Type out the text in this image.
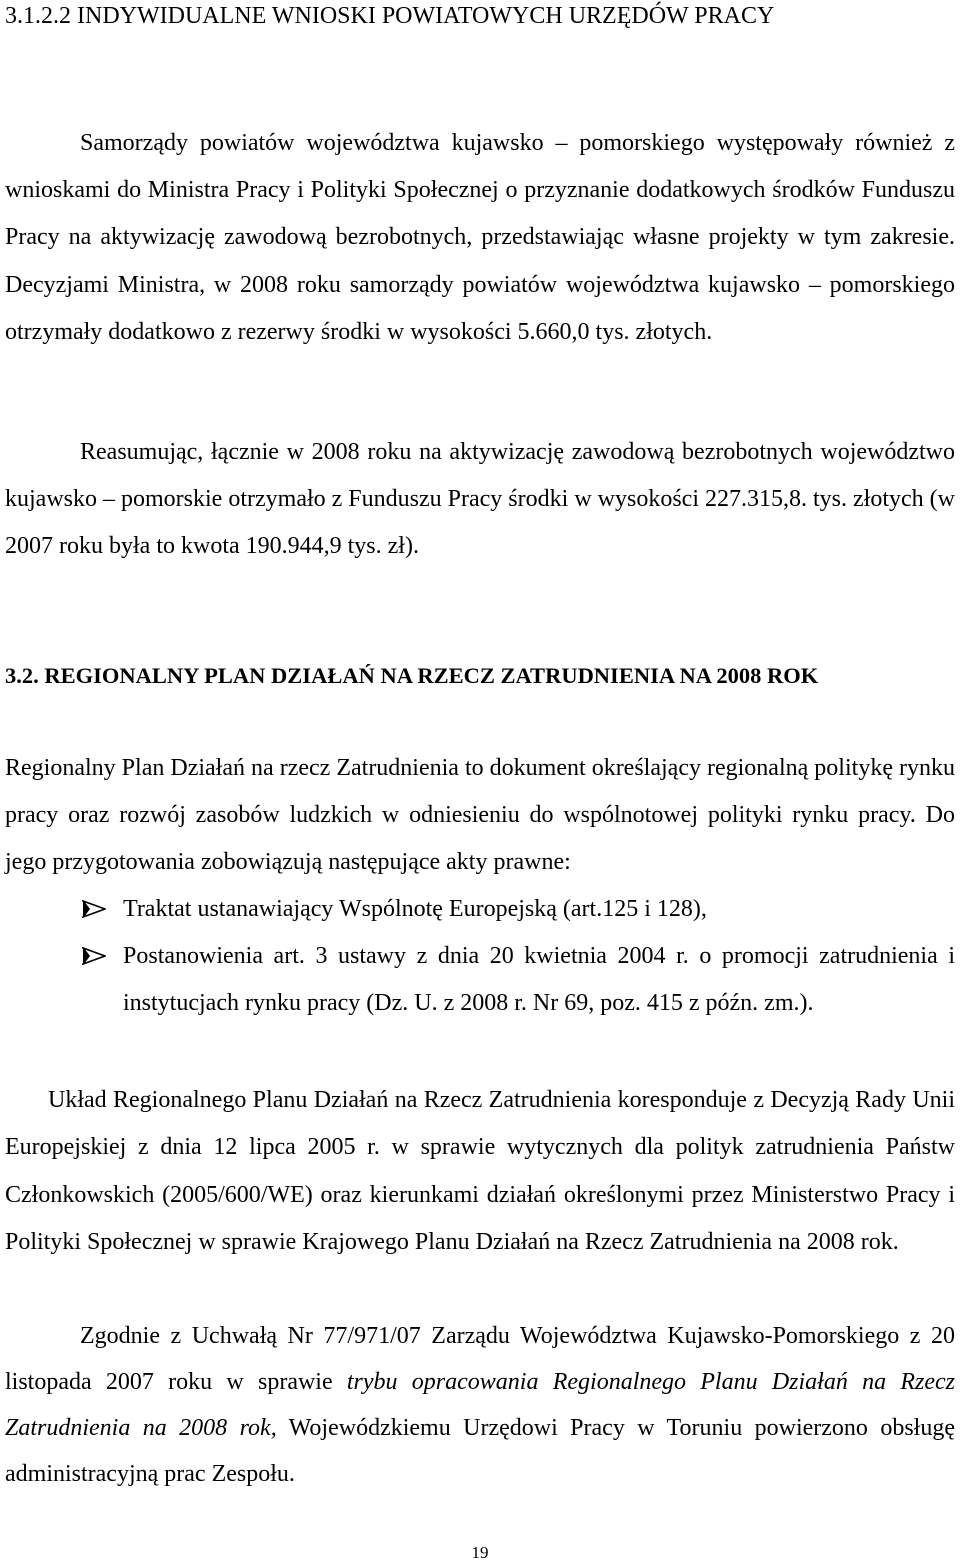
3.1.2.2 INDYWIDUALNE WNIOSKI POWIATOWYCH URZĘDÓW PRACY

Samorządy powiatów województwa kujawsko – pomorskiego występowały również z wnioskami do Ministra Pracy i Polityki Społecznej o przyznanie dodatkowych środków Funduszu Pracy na aktywizację zawodową bezrobotnych, przedstawiając własne projekty w tym zakresie. Decyzjami Ministra, w 2008 roku samorządy powiatów województwa kujawsko – pomorskiego otrzymały dodatkowo z rezerwy środki w wysokości 5.660,0 tys. złotych.

Reasumując, łącznie w 2008 roku na aktywizację zawodową bezrobotnych województwo kujawsko – pomorskie otrzymało z Funduszu Pracy środki w wysokości 227.315,8. tys. złotych (w 2007 roku była to kwota 190.944,9 tys. zł).

3.2. REGIONALNY PLAN DZIAŁAŃ NA RZECZ ZATRUDNIENIA NA 2008 ROK

Regionalny Plan Działań na rzecz Zatrudnienia to dokument określający regionalną politykę rynku pracy oraz rozwój zasobów ludzkich w odniesieniu do wspólnotowej polityki rynku pracy. Do jego przygotowania zobowiązują następujące akty prawne:

Traktat ustanawiający Wspólnotę Europejską (art.125 i 128),
Postanowienia art. 3 ustawy z dnia 20 kwietnia 2004 r. o promocji zatrudnienia i instytucjach rynku pracy (Dz. U. z 2008 r. Nr 69, poz. 415 z późn. zm.).

Układ Regionalnego Planu Działań na Rzecz Zatrudnienia koresponduje z Decyzją Rady Unii Europejskiej z dnia 12 lipca 2005 r. w sprawie wytycznych dla polityk zatrudnienia Państw Członkowskich (2005/600/WE) oraz kierunkami działań określonymi przez Ministerstwo Pracy i Polityki Społecznej w sprawie Krajowego Planu Działań na Rzecz Zatrudnienia na 2008 rok.

Zgodnie z Uchwałą Nr 77/971/07 Zarządu Województwa Kujawsko-Pomorskiego z 20 listopada 2007 roku w sprawie trybu opracowania Regionalnego Planu Działań na Rzecz Zatrudnienia na 2008 rok, Wojewódzkiemu Urzędowi Pracy w Toruniu powierzono obsługę administracyjną prac Zespołu.

19
